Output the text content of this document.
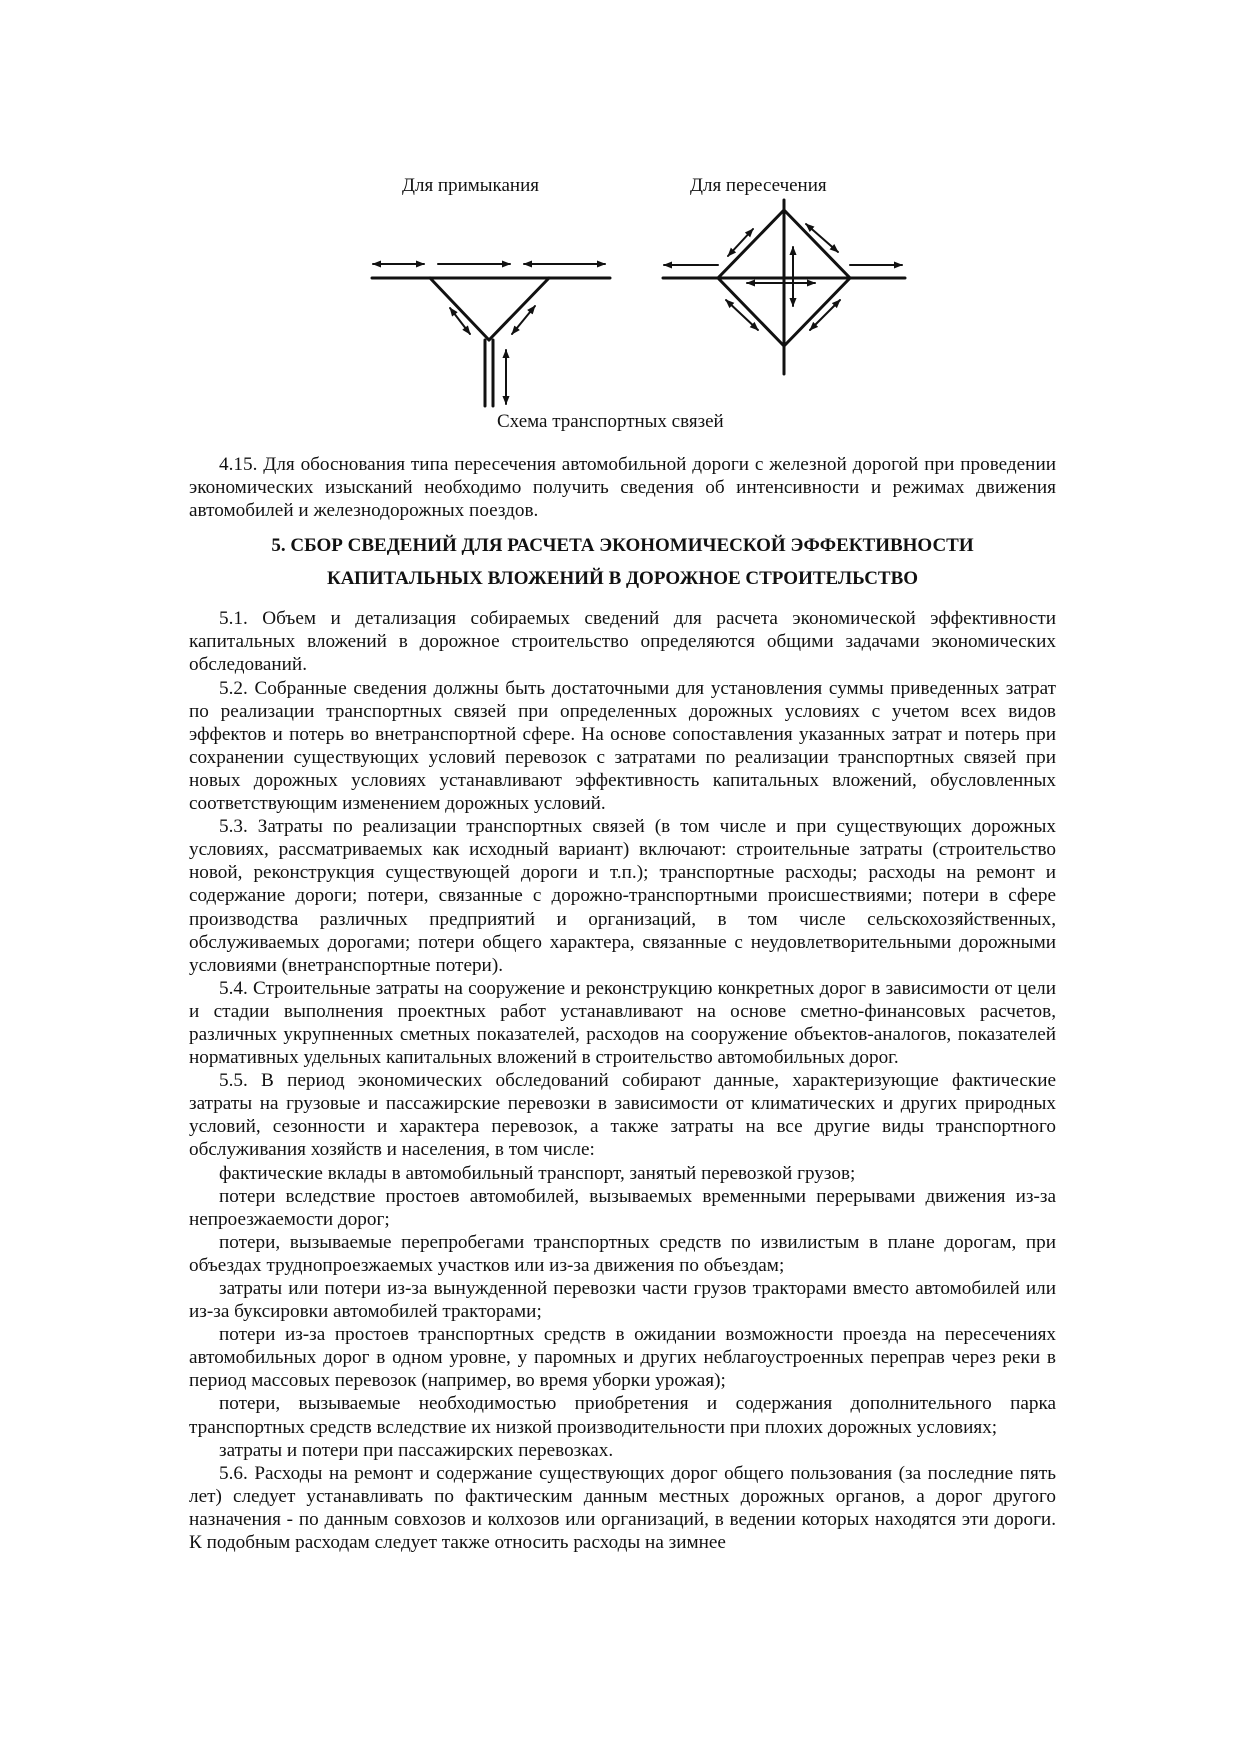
Для примыкания	Для пересечения
Схема транспортных связей

4.15. Для обоснования типа пересечения автомобильной дороги с железной дорогой при проведении экономических изысканий необходимо получить сведения об интенсивности и режимах движения автомобилей и железнодорожных поездов.

5. СБОР СВЕДЕНИЙ ДЛЯ РАСЧЕТА ЭКОНОМИЧЕСКОЙ ЭФФЕКТИВНОСТИ
КАПИТАЛЬНЫХ ВЛОЖЕНИЙ В ДОРОЖНОЕ СТРОИТЕЛЬСТВО

5.1. Объем и детализация собираемых сведений для расчета экономической эффективности капитальных вложений в дорожное строительство определяются общими задачами экономических обследований.

5.2. Собранные сведения должны быть достаточными для установления суммы приведенных затрат по реализации транспортных связей при определенных дорожных условиях с учетом всех видов эффектов и потерь во внетранспортной сфере. На основе сопоставления указанных затрат и потерь при сохранении существующих условий перевозок с затратами по реализации транспортных связей при новых дорожных условиях устанавливают эффективность капитальных вложений, обусловленных соответствующим изменением дорожных условий.

5.3. Затраты по реализации транспортных связей (в том числе и при существующих дорожных условиях, рассматриваемых как исходный вариант) включают: строительные затраты (строительство новой, реконструкция существующей дороги и т.п.); транспортные расходы; расходы на ремонт и содержание дороги; потери, связанные с дорожно-транспортными происшествиями; потери в сфере производства различных предприятий и организаций, в том числе сельскохозяйственных, обслуживаемых дорогами; потери общего характера, связанные с неудовлетворительными дорожными условиями (внетранспортные потери).

5.4. Строительные затраты на сооружение и реконструкцию конкретных дорог в зависимости от цели и стадии выполнения проектных работ устанавливают на основе сметно-финансовых расчетов, различных укрупненных сметных показателей, расходов на сооружение объектов-аналогов, показателей нормативных удельных капитальных вложений в строительство автомобильных дорог.

5.5. В период экономических обследований собирают данные, характеризующие фактические затраты на грузовые и пассажирские перевозки в зависимости от климатических и других природных условий, сезонности и характера перевозок, а также затраты на все другие виды транспортного обслуживания хозяйств и населения, в том числе:

фактические вклады в автомобильный транспорт, занятый перевозкой грузов;

потери вследствие простоев автомобилей, вызываемых временными перерывами движения из-за непроезжаемости дорог;

потери, вызываемые перепробегами транспортных средств по извилистым в плане дорогам, при объездах труднопроезжаемых участков или из-за движения по объездам;

затраты или потери из-за вынужденной перевозки части грузов тракторами вместо автомобилей или из-за буксировки автомобилей тракторами;

потери из-за простоев транспортных средств в ожидании возможности проезда на пересечениях автомобильных дорог в одном уровне, у паромных и других неблагоустроенных переправ через реки в период массовых перевозок (например, во время уборки урожая);

потери, вызываемые необходимостью приобретения и содержания дополнительного парка транспортных средств вследствие их низкой производительности при плохих дорожных условиях;

затраты и потери при пассажирских перевозках.

5.6. Расходы на ремонт и содержание существующих дорог общего пользования (за последние пять лет) следует устанавливать по фактическим данным местных дорожных органов, а дорог другого назначения - по данным совхозов и колхозов или организаций, в ведении которых находятся эти дороги. К подобным расходам следует также относить расходы на зимнее
